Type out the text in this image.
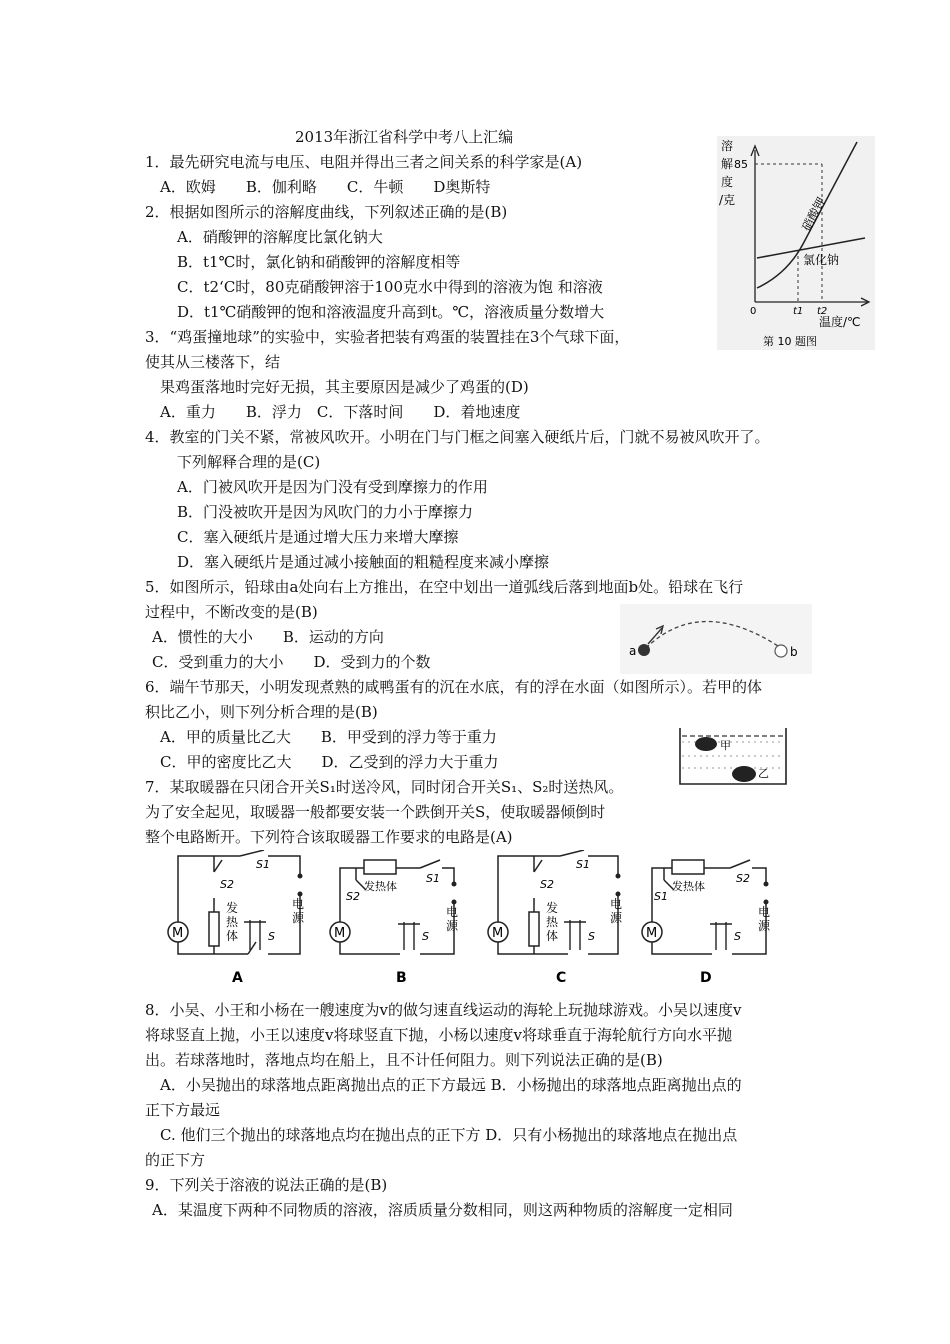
2013年浙江省科学中考八上汇编
1．最先研究电流与电压、电阻并得出三者之间关系的科学家是(A)
A．欧姆　　B．伽利略　　C．牛顿　　D奥斯特
2．根据如图所示的溶解度曲线，下列叙述正确的是(B)
A．硝酸钾的溶解度比氯化钠大
B．t1℃时，氯化钠和硝酸钾的溶解度相等
C．t2‘C时，80克硝酸钾溶于100克水中得到的溶液为饱 和溶液
D．t1℃硝酸钾的饱和溶液温度升高到t。℃，溶液质量分数增大
3．“鸡蛋撞地球”的实验中，实验者把装有鸡蛋的装置挂在3个气球下面，
使其从三楼落下，结
果鸡蛋落地时完好无损，其主要原因是减少了鸡蛋的(D)
A．重力　　B．浮力　C．下落时间　　D．着地速度
4．教室的门关不紧，常被风吹开。小明在门与门框之间塞入硬纸片后，门就不易被风吹开了。
下列解释合理的是(C)
A．门被风吹开是因为门没有受到摩擦力的作用
B．门没被吹开是因为风吹门的力小于摩擦力
C．塞入硬纸片是通过增大压力来增大摩擦
D．塞入硬纸片是通过减小接触面的粗糙程度来减小摩擦
5．如图所示，铅球由a处向右上方推出，在空中划出一道弧线后落到地面b处。铅球在飞行
过程中，不断改变的是(B)
A．惯性的大小　　B．运动的方向
C．受到重力的大小　　D．受到力的个数
6．端午节那天，小明发现煮熟的咸鸭蛋有的沉在水底，有的浮在水面（如图所示）。若甲的体
积比乙小，则下列分析合理的是(B)
A．甲的质量比乙大　　B．甲受到的浮力等于重力
C．甲的密度比乙大　　D．乙受到的浮力大于重力
7．某取暖器在只闭合开关S₁时送冷风，同时闭合开关S₁、S₂时送热风。
为了安全起见，取暖器一般都要安装一个跌倒开关S，使取暖器倾倒时
整个电路断开。下列符合该取暖器工作要求的电路是(A)
8．小吴、小王和小杨在一艘速度为v的做匀速直线运动的海轮上玩抛球游戏。小吴以速度v
将球竖直上抛，小王以速度v将球竖直下抛，小杨以速度v将球垂直于海轮航行方向水平抛
出。若球落地时，落地点均在船上，且不计任何阻力。则下列说法正确的是(B)
A．小吴抛出的球落地点距离抛出点的正下方最远 B．小杨抛出的球落地点距离抛出点的
正下方最远
C. 他们三个抛出的球落地点均在抛出点的正下方 D．只有小杨抛出的球落地点在抛出点
的正下方
9．下列关于溶液的说法正确的是(B)
A．某温度下两种不同物质的溶液，溶质质量分数相同，则这两种物质的溶解度一定相同
溶
解
度
/克
85
0	t1 t2
温度/℃
硝酸钾
氯化钠
第 10 题图
a	b
甲
乙
M
S1
S2
发
热
体	S
电
源
A
M
发热体
S1
S2
S
电
源
B
M
S1
S2
发
热
体	S
电
源
C
M
发热体
S2
S1
S
电
源
D
